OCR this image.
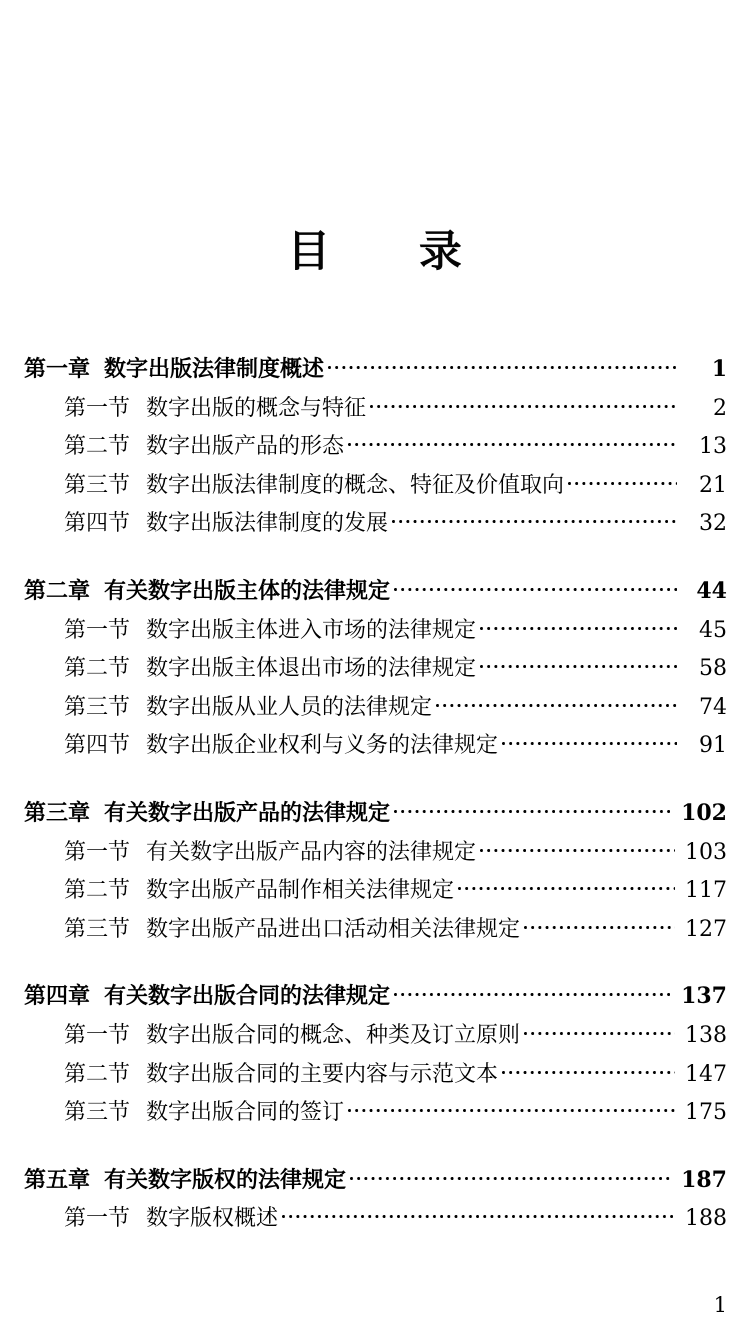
目　　录
第一章 数字出版法律制度概述	1
第一节 数字出版的概念与特征	2
第二节 数字出版产品的形态	13
第三节 数字出版法律制度的概念、特征及价值取向	21
第四节 数字出版法律制度的发展	32
第二章 有关数字出版主体的法律规定	44
第一节 数字出版主体进入市场的法律规定	45
第二节 数字出版主体退出市场的法律规定	58
第三节 数字出版从业人员的法律规定	74
第四节 数字出版企业权利与义务的法律规定	91
第三章 有关数字出版产品的法律规定	102
第一节 有关数字出版产品内容的法律规定	103
第二节 数字出版产品制作相关法律规定	117
第三节 数字出版产品进出口活动相关法律规定	127
第四章 有关数字出版合同的法律规定	137
第一节 数字出版合同的概念、种类及订立原则	138
第二节 数字出版合同的主要内容与示范文本	147
第三节 数字出版合同的签订	175
第五章 有关数字版权的法律规定	187
第一节 数字版权概述	188
1
